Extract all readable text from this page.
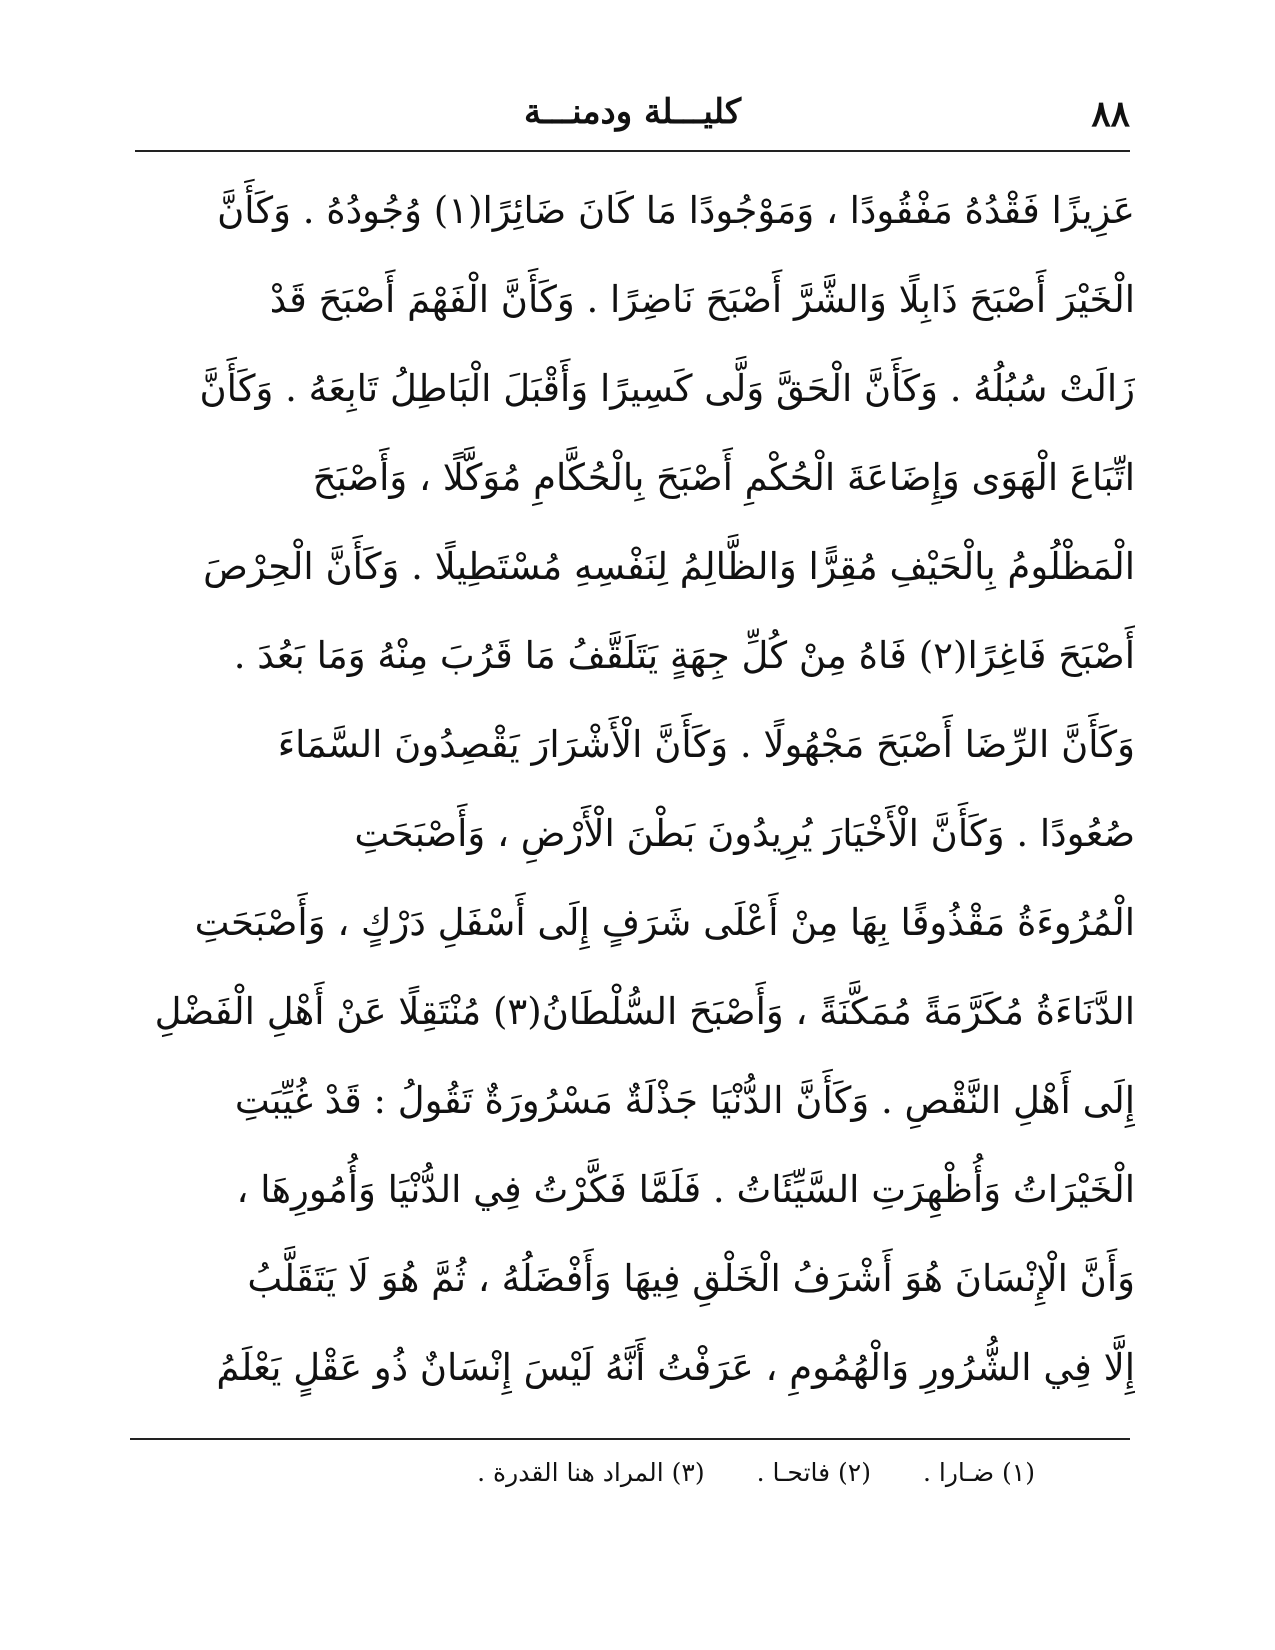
٨٨
كليـــلة ودمنـــة
عَزِيزًا فَقْدُهُ مَفْقُودًا ، وَمَوْجُودًا مَا كَانَ ضَائِرًا(١) وُجُودُهُ . وَكَأَنَّ
الْخَيْرَ أَصْبَحَ ذَابِلًا وَالشَّرَّ أَصْبَحَ نَاضِرًا . وَكَأَنَّ الْفَهْمَ أَصْبَحَ قَدْ
زَالَتْ سُبُلُهُ . وَكَأَنَّ الْحَقَّ وَلَّى كَسِيرًا وَأَقْبَلَ الْبَاطِلُ تَابِعَهُ . وَكَأَنَّ
اتِّبَاعَ الْهَوَى وَإِضَاعَةَ الْحُكْمِ أَصْبَحَ بِالْحُكَّامِ مُوَكَّلًا ، وَأَصْبَحَ
الْمَظْلُومُ بِالْحَيْفِ مُقِرًّا وَالظَّالِمُ لِنَفْسِهِ مُسْتَطِيلًا . وَكَأَنَّ الْحِرْصَ
أَصْبَحَ فَاغِرًا(٢) فَاهُ مِنْ كُلِّ جِهَةٍ يَتَلَقَّفُ مَا قَرُبَ مِنْهُ وَمَا بَعُدَ .
وَكَأَنَّ الرِّضَا أَصْبَحَ مَجْهُولًا . وَكَأَنَّ الْأَشْرَارَ يَقْصِدُونَ السَّمَاءَ
صُعُودًا . وَكَأَنَّ الْأَخْيَارَ يُرِيدُونَ بَطْنَ الْأَرْضِ ، وَأَصْبَحَتِ
الْمُرُوءَةُ مَقْذُوفًا بِهَا مِنْ أَعْلَى شَرَفٍ إِلَى أَسْفَلِ دَرْكٍ ، وَأَصْبَحَتِ
الدَّنَاءَةُ مُكَرَّمَةً مُمَكَّنَةً ، وَأَصْبَحَ السُّلْطَانُ(٣) مُنْتَقِلًا عَنْ أَهْلِ الْفَضْلِ
إِلَى أَهْلِ النَّقْصِ . وَكَأَنَّ الدُّنْيَا جَذْلَةٌ مَسْرُورَةٌ تَقُولُ : قَدْ غُيِّبَتِ
الْخَيْرَاتُ وَأُظْهِرَتِ السَّيِّئَاتُ . فَلَمَّا فَكَّرْتُ فِي الدُّنْيَا وَأُمُورِهَا ،
وَأَنَّ الْإِنْسَانَ هُوَ أَشْرَفُ الْخَلْقِ فِيهَا وَأَفْضَلُهُ ، ثُمَّ هُوَ لَا يَتَقَلَّبُ
إِلَّا فِي الشُّرُورِ وَالْهُمُومِ ، عَرَفْتُ أَنَّهُ لَيْسَ إِنْسَانٌ ذُو عَقْلٍ يَعْلَمُ
(١) ضـارا .
(٢) فاتحـا .
(٣) المراد هنا القدرة .
